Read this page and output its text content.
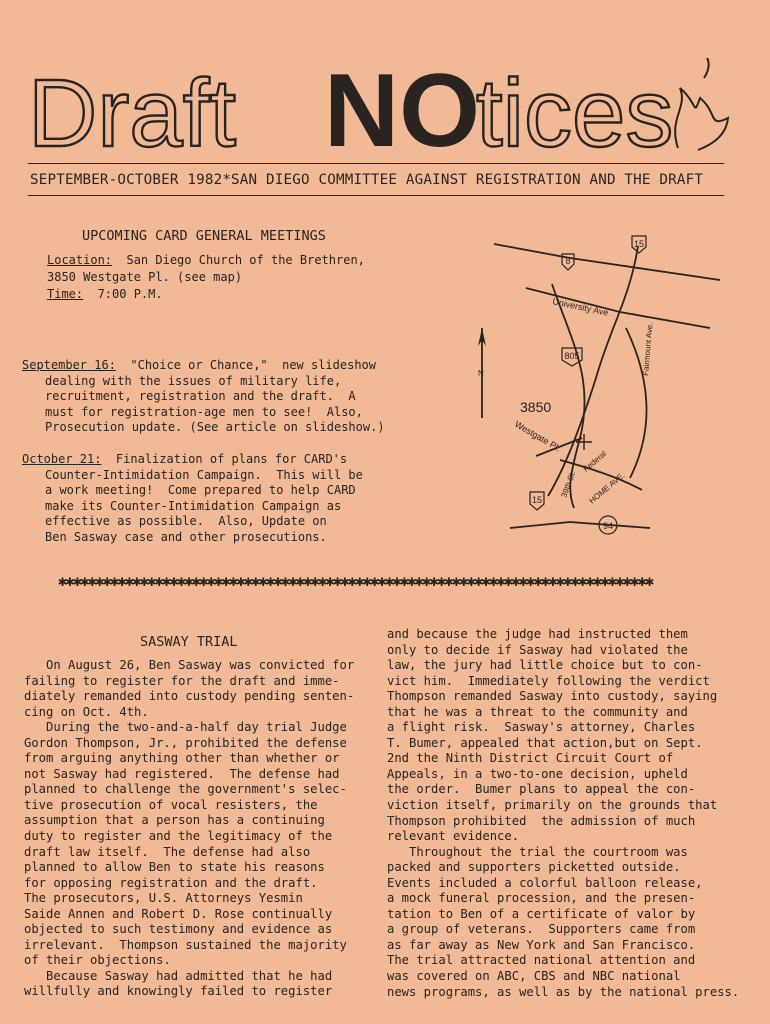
Draft NO
tices
SEPTEMBER-OCTOBER 1982*SAN DIEGO COMMITTEE AGAINST REGISTRATION AND THE DRAFT
UPCOMING CARD GENERAL MEETINGS
Location:  San Diego Church of the Brethren,
3850 Westgate Pl. (see map)
Time:  7:00 P.M.
September 16:  "Choice or Chance,"  new slideshow
dealing with the issues of military life,
recruitment, registration and the draft.  A
must for registration-age men to see!  Also,
Prosecution update. (See article on slideshow.)
October 21:  Finalization of plans for CARD's
Counter-Intimidation Campaign.  This will be
a work meeting!  Come prepared to help CARD
make its Counter-Intimidation Campaign as
effective as possible.  Also, Update on
Ben Sasway case and other prosecutions.
8
15
805
15
94
University Ave
Fairmount Ave.
Westgate Pl.
39th St.
Federal
HOME AVE.
3850
N
✱✱✱✱✱✱✱✱✱✱✱✱✱✱✱✱✱✱✱✱✱✱✱✱✱✱✱✱✱✱✱✱✱✱✱✱✱✱✱✱✱✱✱✱✱✱✱✱✱✱✱✱✱✱✱✱✱✱✱✱✱✱✱✱✱✱✱✱✱✱✱✱✱✱✱✱✱✱✱✱
SASWAY TRIAL
On August 26, Ben Sasway was convicted for
failing to register for the draft and imme-
diately remanded into custody pending senten-
cing on Oct. 4th.
During the two-and-a-half day trial Judge
Gordon Thompson, Jr., prohibited the defense
from arguing anything other than whether or
not Sasway had registered.  The defense had
planned to challenge the government's selec-
tive prosecution of vocal resisters, the
assumption that a person has a continuing
duty to register and the legitimacy of the
draft law itself.  The defense had also
planned to allow Ben to state his reasons
for opposing registration and the draft.
The prosecutors, U.S. Attorneys Yesmin
Saide Annen and Robert D. Rose continually
objected to such testimony and evidence as
irrelevant.  Thompson sustained the majority
of their objections.
Because Sasway had admitted that he had
willfully and knowingly failed to register
and because the judge had instructed them
only to decide if Sasway had violated the
law, the jury had little choice but to con-
vict him.  Immediately following the verdict
Thompson remanded Sasway into custody, saying
that he was a threat to the community and
a flight risk.  Sasway's attorney, Charles
T. Bumer, appealed that action,but on Sept.
2nd the Ninth District Circuit Court of
Appeals, in a two-to-one decision, upheld
the order.  Bumer plans to appeal the con-
viction itself, primarily on the grounds that
Thompson prohibited  the admission of much
relevant evidence.
Throughout the trial the courtroom was
packed and supporters picketted outside.
Events included a colorful balloon release,
a mock funeral procession, and the presen-
tation to Ben of a certificate of valor by
a group of veterans.  Supporters came from
as far away as New York and San Francisco.
The trial attracted national attention and
was covered on ABC, CBS and NBC national
news programs, as well as by the national press.
